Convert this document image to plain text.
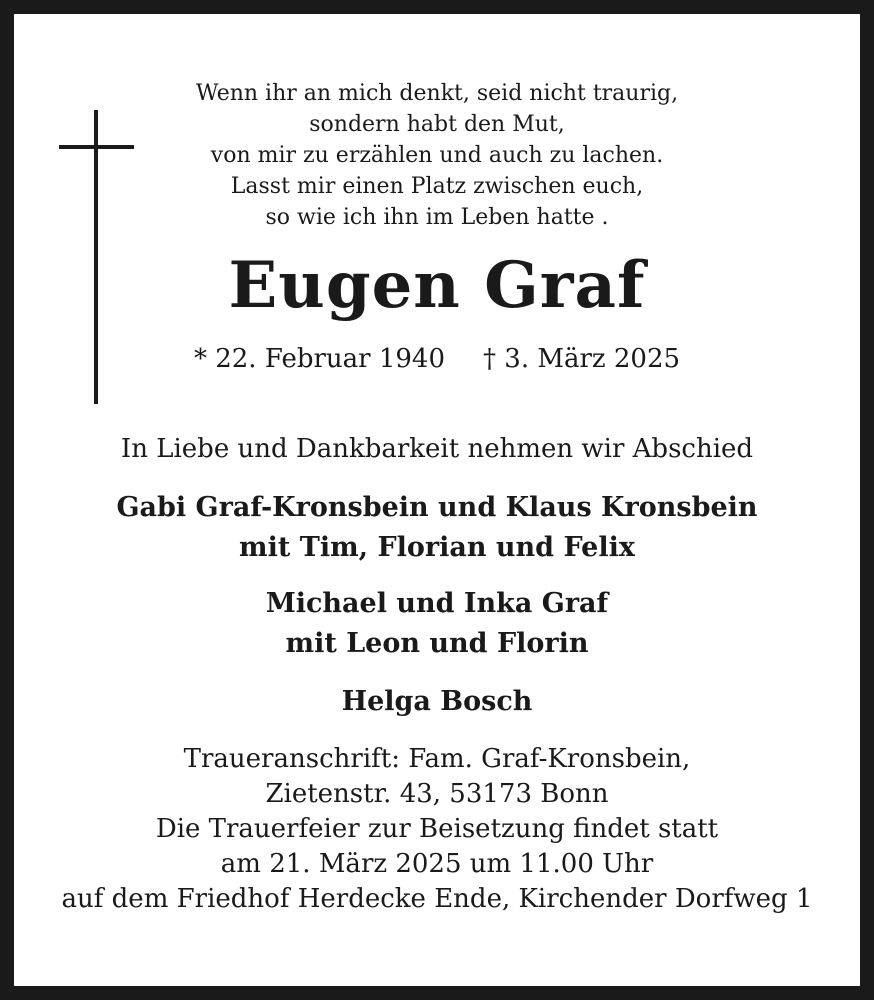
Wenn ihr an mich denkt, seid nicht traurig,
sondern habt den Mut,
von mir zu erzählen und auch zu lachen.
Lasst mir einen Platz zwischen euch,
so wie ich ihn im Leben hatte .
Eugen Graf
* 22. Februar 1940 † 3. März 2025
In Liebe und Dankbarkeit nehmen wir Abschied
Gabi Graf-Kronsbein und Klaus Kronsbein
mit Tim, Florian und Felix
Michael und Inka Graf
mit Leon und Florin
Helga Bosch
Traueranschrift: Fam. Graf-Kronsbein,
Zietenstr. 43, 53173 Bonn
Die Trauerfeier zur Beisetzung findet statt
am 21. März 2025 um 11.00 Uhr
auf dem Friedhof Herdecke Ende, Kirchender Dorfweg 1
